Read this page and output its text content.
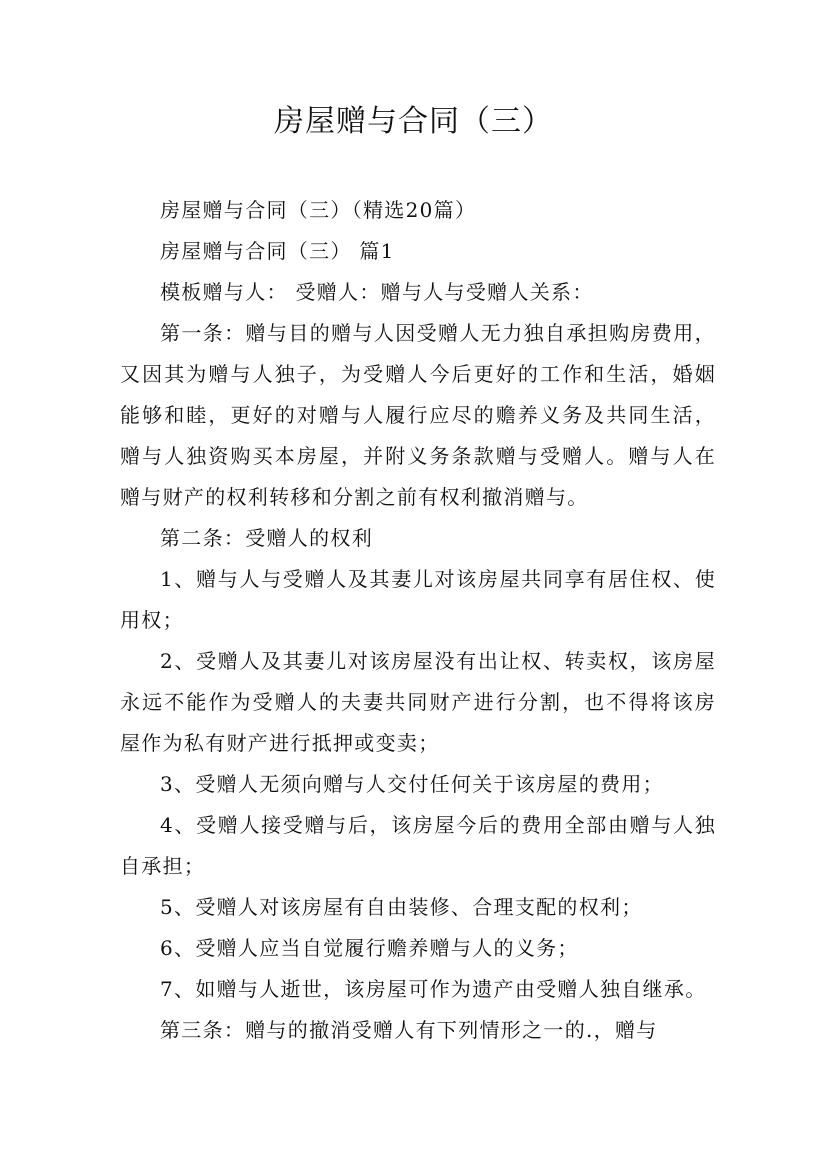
房屋赠与合同（三）

房屋赠与合同（三）（精选20篇）

房屋赠与合同（三） 篇1

模板赠与人： 受赠人：赠与人与受赠人关系：

第一条：赠与目的赠与人因受赠人无力独自承担购房费用，又因其为赠与人独子，为受赠人今后更好的工作和生活，婚姻能够和睦，更好的对赠与人履行应尽的赡养义务及共同生活，赠与人独资购买本房屋，并附义务条款赠与受赠人。赠与人在赠与财产的权利转移和分割之前有权利撤消赠与。

第二条：受赠人的权利

1、赠与人与受赠人及其妻儿对该房屋共同享有居住权、使用权；

2、受赠人及其妻儿对该房屋没有出让权、转卖权，该房屋永远不能作为受赠人的夫妻共同财产进行分割，也不得将该房屋作为私有财产进行抵押或变卖；

3、受赠人无须向赠与人交付任何关于该房屋的费用；

4、受赠人接受赠与后，该房屋今后的费用全部由赠与人独自承担；

5、受赠人对该房屋有自由装修、合理支配的权利；

6、受赠人应当自觉履行赡养赠与人的义务；

7、如赠与人逝世，该房屋可作为遗产由受赠人独自继承。

第三条：赠与的撤消受赠人有下列情形之一的.，赠与
